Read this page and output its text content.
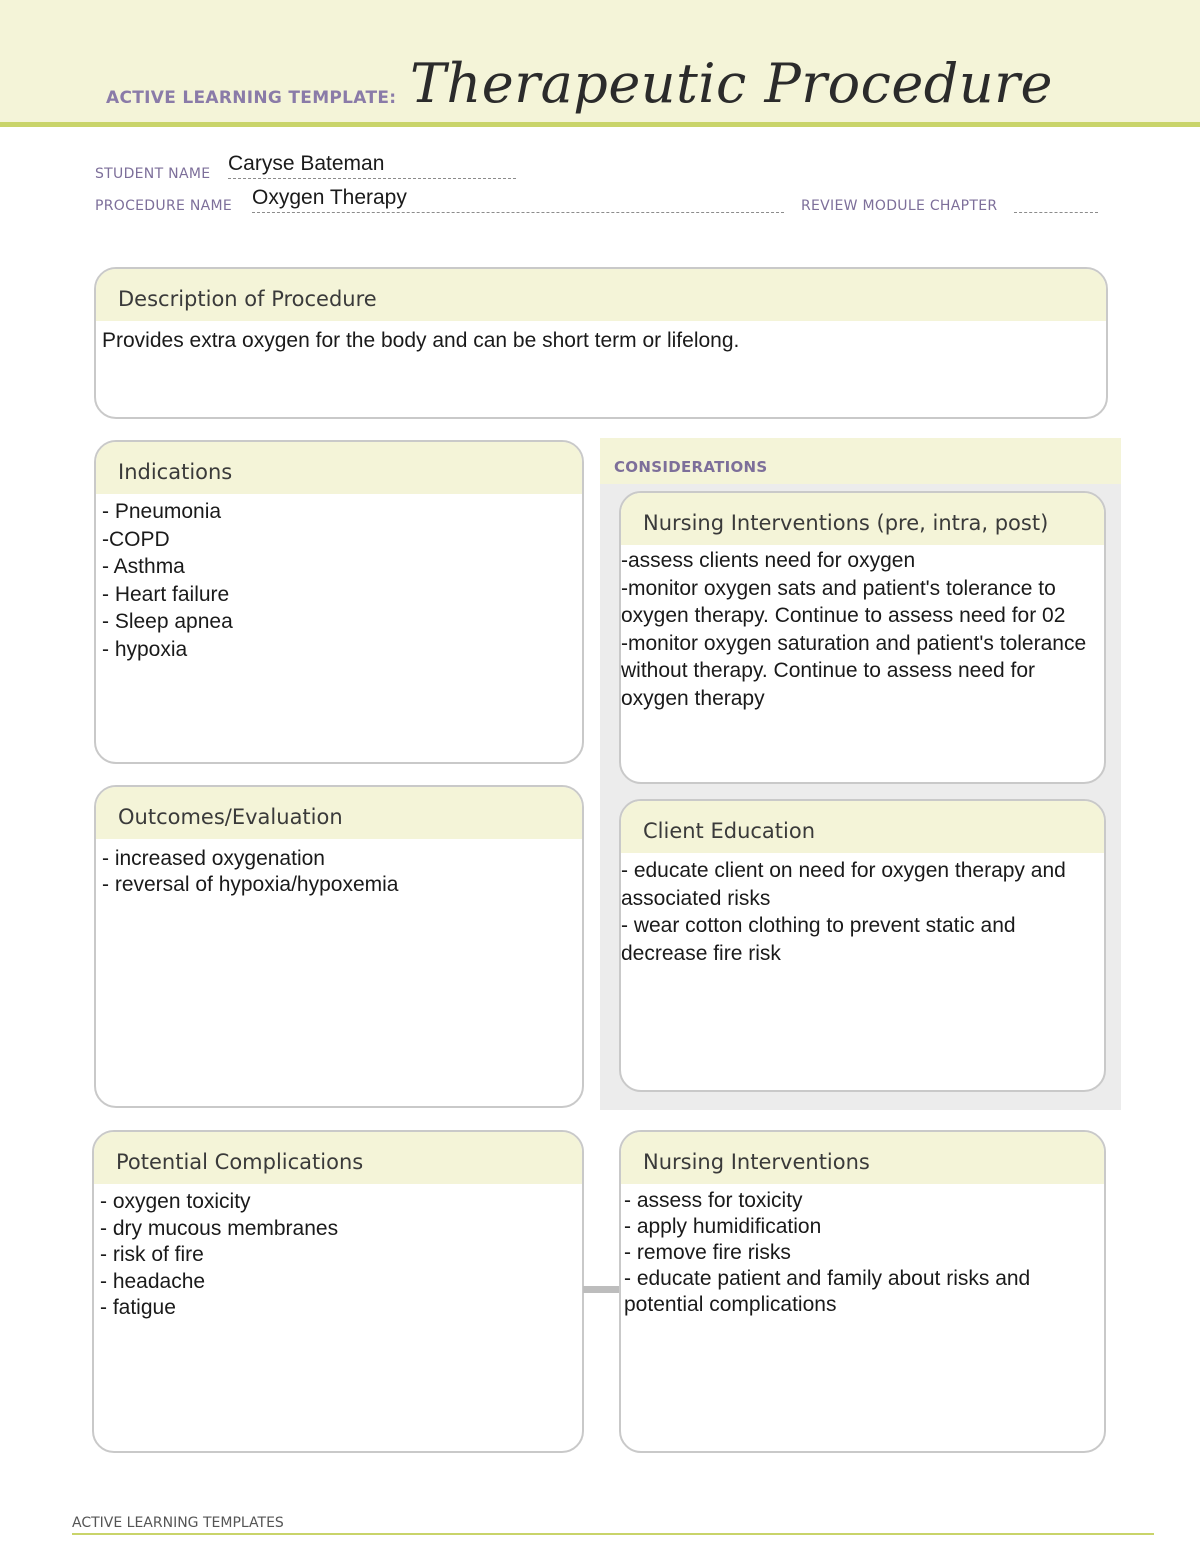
ACTIVE LEARNING TEMPLATE: Therapeutic Procedure
STUDENT NAME Caryse Bateman
PROCEDURE NAME Oxygen Therapy	REVIEW MODULE CHAPTER
Description of Procedure
Provides extra oxygen for the body and can be short term or lifelong.
CONSIDERATIONS
Indications
- Pneumonia
-COPD
- Asthma
- Heart failure
- Sleep apnea
- hypoxia
Outcomes/Evaluation
- increased oxygenation
- reversal of hypoxia/hypoxemia
Nursing Interventions (pre, intra, post)
-assess clients need for oxygen
-monitor oxygen sats and patient's tolerance to oxygen therapy. Continue to assess need for 02
-monitor oxygen saturation and patient's tolerance without therapy. Continue to assess need for oxygen therapy
Client Education
- educate client on need for oxygen therapy and associated risks
- wear cotton clothing to prevent static and decrease fire risk
Potential Complications
- oxygen toxicity
- dry mucous membranes
- risk of fire
- headache
- fatigue
Nursing Interventions
- assess for toxicity
- apply humidification
- remove fire risks
- educate patient and family about risks and potential complications
ACTIVE LEARNING TEMPLATES
